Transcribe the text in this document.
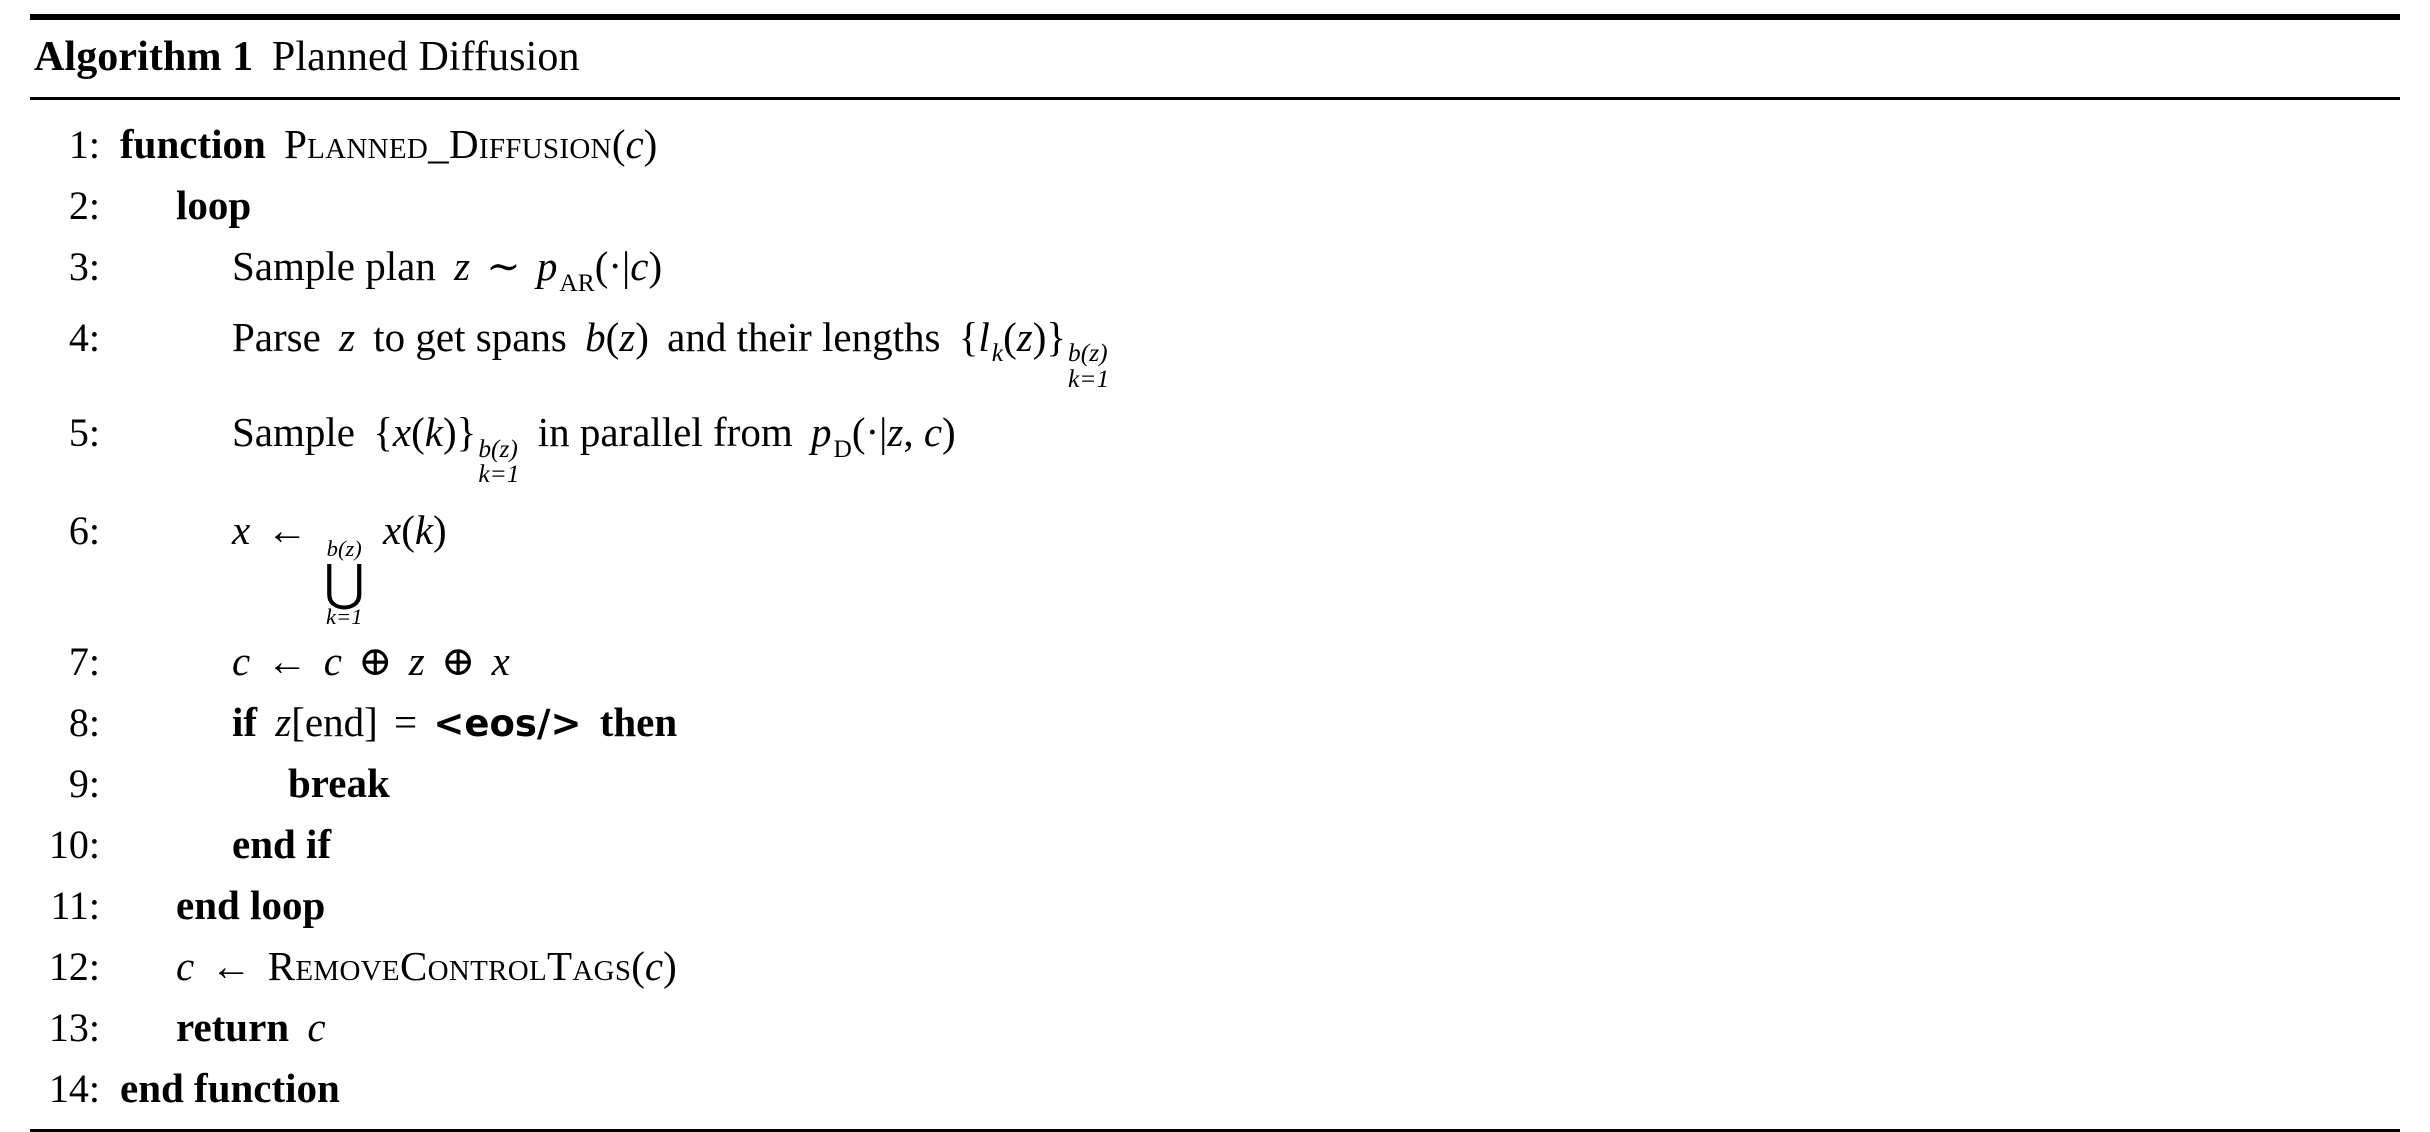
Algorithm 1 Planned Diffusion
1: function Planned_Diffusion(c)
2:	loop
3:	Sample plan z ∼ p AR (·|c)
4:	Parse z to get spans b(z) and their lengths {l k (z)} b(z)
k=1
5:	Sample {x(k)} b(z)
k=1
in parallel from p D (·|z, c)
6:	x ← b(z)
⋃
k=1
x(k)
7:	c ← c ⊕ z ⊕ x
8:	if z[end] = <eos/> then
9:	break
10:	end if
11:	end loop
12:	c ← RemoveControlTags(c)
13:	return c
14: end function
